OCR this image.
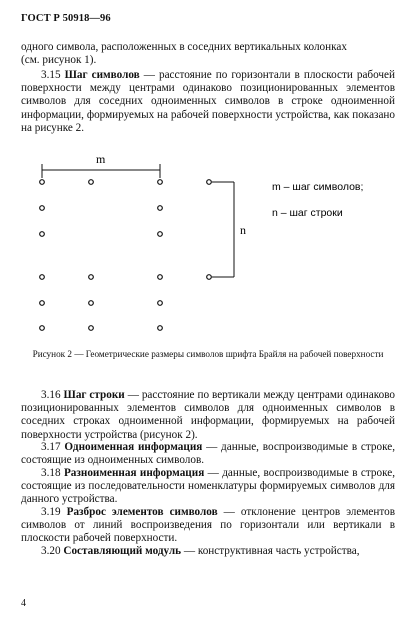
ГОСТ Р 50918—96
одного символа, расположенных в соседних вертикальных колонках
(см. рисунок 1).
3.15 Шаг символов — расстояние по горизонтали в плоскости рабочей поверхности между центрами одинаково позиционированных элементов символов для соседних одноименных символов в строке одноименной информации, формируемых на рабочей поверхности устройства, как показано на рисунке 2.
m
n
m – шаг символов;
n – шаг строки
Рисунок 2 — Геометрические размеры символов шрифта Брайля на рабочей поверхности
3.16 Шаг строки — расстояние по вертикали между центрами одинаково позиционированных элементов символов для одноименных символов в соседних строках одноименной информации, формируемых на рабочей поверхности устройства (рисунок 2).
3.17 Одноименная информация — данные, воспроизводимые в строке, состоящие из одноименных символов.
3.18 Разноименная информация — данные, воспроизводимые в строке, состоящие из последовательности номенклатуры формируемых символов для данного устройства.
3.19 Разброс элементов символов — отклонение центров элементов символов от линий воспроизведения по горизонтали или вертикали в плоскости рабочей поверхности.
3.20 Составляющий модуль — конструктивная часть устройства,
4
